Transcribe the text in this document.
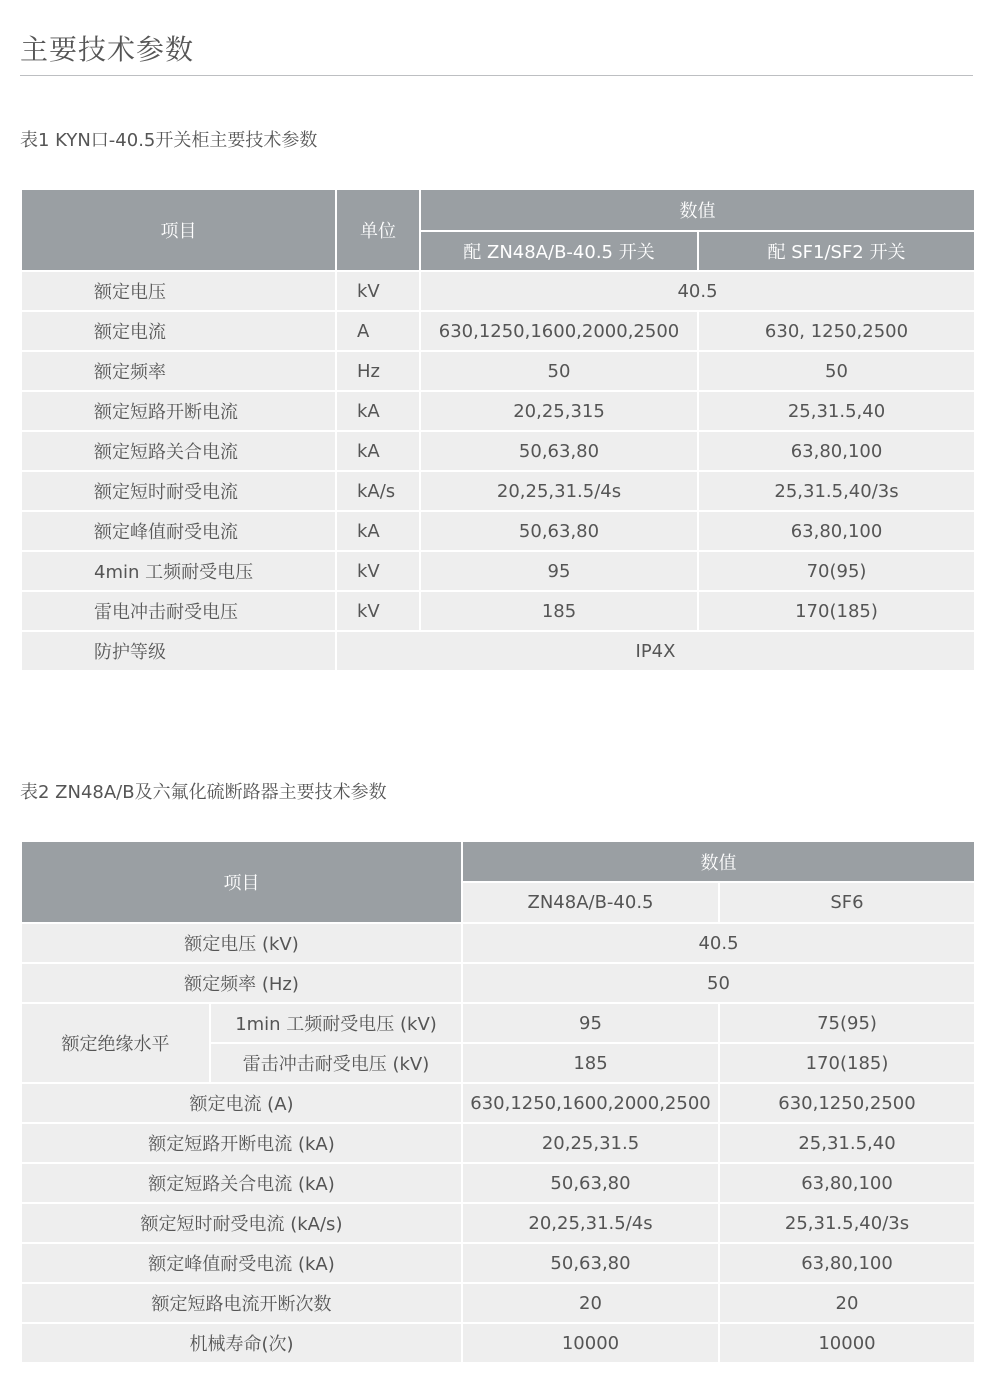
主要技术参数
表1 KYN口-40.5开关柜主要技术参数
项目	单位	数值	
		配 ZN48A/B-40.5 开关	配 SF1/SF2 开关
额定电压	kV	40.5	
额定电流	A	630,1250,1600,2000,2500	630, 1250,2500
额定频率	Hz	50	50
额定短路开断电流	kA	20,25,315	25,31.5,40
额定短路关合电流	kA	50,63,80	63,80,100
额定短时耐受电流	kA/s	20,25,31.5/4s	25,31.5,40/3s
额定峰值耐受电流	kA	50,63,80	63,80,100
4min 工频耐受电压	kV	95	70(95)
雷电冲击耐受电压	kV	185	170(185)
防护等级	IP4X		
表2 ZN48A/B及六氟化硫断路器主要技术参数
项目		数值	
		ZN48A/B-40.5	SF6
额定电压 (kV)		40.5	
额定频率 (Hz)		50	
额定绝缘水平	1min 工频耐受电压 (kV)	95	75(95)
	雷击冲击耐受电压 (kV)	185	170(185)
额定电流 (A)		630,1250,1600,2000,2500	630,1250,2500
额定短路开断电流 (kA)		20,25,31.5	25,31.5,40
额定短路关合电流 (kA)		50,63,80	63,80,100
额定短时耐受电流 (kA/s)		20,25,31.5/4s	25,31.5,40/3s
额定峰值耐受电流 (kA)		50,63,80	63,80,100
额定短路电流开断次数		20	20
机械寿命(次)		10000	10000
